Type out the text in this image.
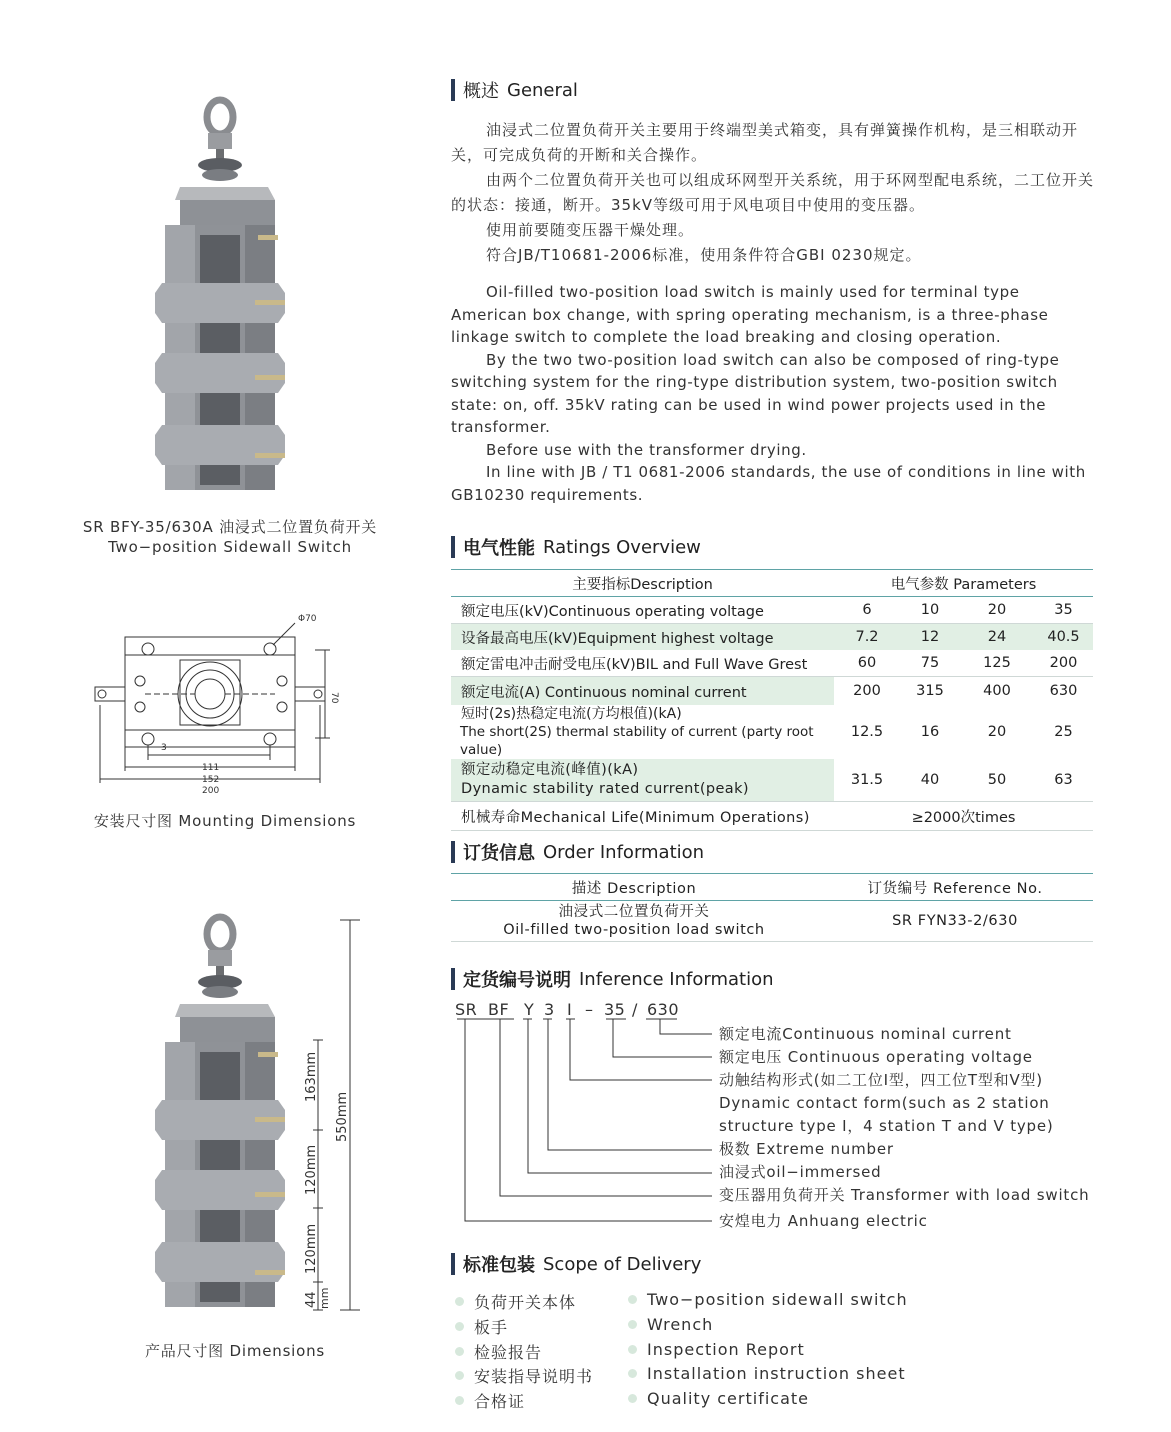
SR BFY-35/630A 油浸式二位置负荷开关
Two−position Sidewall Switch
Φ70
70
3
111
152
200
安装尺寸图 Mounting Dimensions
163mm
120mm
120mm
44 mm
550mm
产品尺寸图 Dimensions
概述 General
油浸式二位置负荷开关主要用于终端型美式箱变，具有弹簧操作机构，是三相联动开关，可完成负荷的开断和关合操作。
由两个二位置负荷开关也可以组成环网型开关系统，用于环网型配电系统，二工位开关的状态：接通，断开。35kV等级可用于风电项目中使用的变压器。
使用前要随变压器干燥处理。
符合JB/T10681-2006标准，使用条件符合GBI 0230规定。
Oil-filled two-position load switch is mainly used for terminal type American box change, with spring operating mechanism, is a three-phase linkage switch to complete the load breaking and closing operation.
By the two two-position load switch can also be composed of ring-type switching system for the ring-type distribution system, two-position switch state: on, off. 35kV rating can be used in wind power projects used in the transformer.
Before use with the transformer drying.
In line with JB / T1 0681-2006 standards, the use of conditions in line with GB10230 requirements.
电气性能 Ratings Overview
主要指标Description	电气参数 Parameters			
额定电压(kV)Continuous operating voltage	6	10	20	35
设备最高电压(kV)Equipment highest voltage	7.2	12	24	40.5
额定雷电冲击耐受电压(kV)BIL and Full Wave Grest	60	75	125	200
额定电流(A) Continuous nominal current	200	315	400	630

短时(2s)热稳定电流(方均根值)(kA)
The short(2S) thermal stability of current (party root value)	12.5	16	20	25

额定动稳定电流(峰值)(kA)
Dynamic stability rated current(peak)	31.5	40	50	63
机械寿命Mechanical Life(Minimum Operations)	≥2000次times			
订货信息 Order Information
描述 Description	订货编号 Reference No.

油浸式二位置负荷开关
Oil-filled two-position load switch	SR FYN33-2/630
定货编号说明 Inference Information
SR BF Y 3 I – 35 / 630
额定电流Continuous nominal current
额定电压 Continuous operating voltage
动触结构形式(如二工位Ⅰ型，四工位T型和V型)
Dynamic contact form(such as 2 station
structure type Ⅰ，4 station T and V type)
极数 Extreme number
油浸式oil−immersed
变压器用负荷开关 Transformer with load switch
安煌电力 Anhuang electric
标准包装 Scope of Delivery
负荷开关本体
板手
检验报告
安装指导说明书
合格证
Two−position sidewall switch
Wrench
Inspection Report
Installation instruction sheet
Quality certificate
